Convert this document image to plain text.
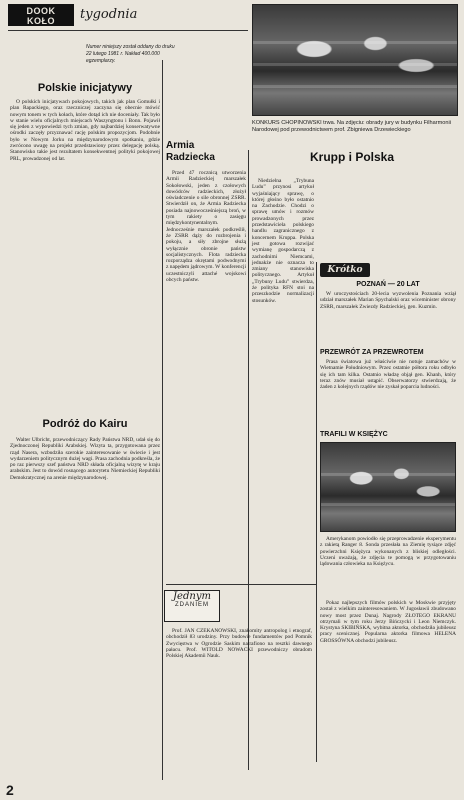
DOOK
KOŁO	tygodnia
Numer niniejszy został oddany do druku 22 lutego 1981 r. Nakład 400.000 egzemplarzy.
Polskie inicjatywy

O polskich inicjatywach pokojowych, takich jak plan Gomułki i plan Rapackiego, oraz rzeczniczej zaczyna się obecnie mówić nowym tonem w tych kołach, które dotąd ich nie doceniały. Tak było w stanie wielu oficjalnych miejscach Waszyngtonu i Bonn. Pojawił się jeden z wypowiedzi tych zmian, gdy najbardziej konserwatywne ośrodki zaczęły przyznawać rację polskim propozycjom. Podobnie było w Nowym Jorku na międzynarodowym spotkaniu, gdzie zwrócono uwagę na projekt przedstawiony przez delegację polską. Stanowisko takie jest rezultatem konsekwentnej polityki pokojowej PRL, prowadzonej od lat.

Podróż do Kairu

Walter Ulbricht, przewodniczący Rady Państwa NRD, udał się do Zjednoczonej Republiki Arabskiej. Wizyta ta, przygotowana przez rząd Nasera, wzbudziła szerokie zainteresowanie w świecie i jest wydarzeniem politycznym dużej wagi. Prasa zachodnia podkreśla, że po raz pierwszy szef państwa NRD składa oficjalną wizytę w kraju arabskim. Jest to dowód rosnącego autorytetu Niemieckiej Republiki Demokratycznej na arenie międzynarodowej.

Armia Radziecka

Przed 47 rocznicą utworzenia Armii Radzieckiej marszałek Sokołowski, jeden z czołowych dowódców radzieckich, złożył oświadczenie o sile obronnej ZSRR. Stwierdził on, że Armia Radziecka posiada najnowocześniejszą broń, w tym rakiety o zasięgu międzykontynentalnym. Jednocześnie marszałek podkreślił, że ZSRR dąży do rozbrojenia i pokoju, a siły zbrojne służą wyłącznie obronie państw socjalistycznych. Flota radziecka rozporządza okrętami podwodnymi z napędem jądrowym. W konferencji uczestniczyli attaché wojskowi obcych państw.

KONKURS CHOPINOWSKI trwa. Na zdjęciu: obrady jury w budynku Filharmonii Narodowej pod przewodnictwem prof. Zbigniewa Drzewieckiego
Krupp i Polska

Niedzielna „Trybuna Ludu” przynosi artykuł wyjaśniający sprawę, o której głośno było ostatnio na Zachodzie. Chodzi o sprawę umów i rozmów prowadzonych przez przedstawiciela polskiego handlu zagranicznego z koncernem Kruppa. Polska jest gotowa rozwijać wymianę gospodarczą z zachodnimi Niemcami, jednakże nie oznacza to zmiany stanowiska politycznego. Artykuł „Trybuny Ludu” stwierdza, że polityka RFN stoi na przeszkodzie normalizacji stosunków.

Krótko
POZNAŃ — 20 LAT

W uroczystościach 20-lecia wyzwolenia Poznania wziął udział marszałek Marian Spychalski oraz wiceminister obrony ZSRR, marszałek Zwiezdy Radzieckiej, gen. Kuzmin.

PRZEWRÓT ZA PRZEWROTEM

Prasa światowa już właściwie nie notuje zamachów w Wietnamie Południowym. Przez ostatnie półtora roku odbyło się ich tam kilka. Ostatnio władzę objął gen. Khanh, który teraz znów musiał ustąpić. Obserwatorzy stwierdzają, że żaden z kolejnych rządów nie zyskał poparcia ludności.

TRAFILI W KSIĘŻYC

Amerykanom powiodło się przeprowadzenie eksperymentu z rakietą Ranger 8. Sonda przesłała na Ziemię tysiące zdjęć powierzchni Księżyca wykonanych z bliskiej odległości. Uczeni uważają, że zdjęcia te pomogą w przygotowaniu lądowania człowieka na Księżycu.

Jednym
ZDANIEM

Prof. JAN CZEKANOWSKI, znakomity antropolog i etnograf, obchodził 83 urodziny. Przy budowie fundamentów pod Pomnik Zwycięstwa w Ogrodzie Saskim natrafiono na resztki dawnego pałacu. Prof. WITOLD NOWACKI przewodniczy obradom Polskiej Akademii Nauk.

Pokaz najlepszych filmów polskich w Moskwie przyjęty został z wielkim zainteresowaniem. W Jugosławii zbudowano nowy most przez Dunaj. Nagrody ZŁOTEGO EKRANU otrzymali w tym roku Jerzy Bińczycki i Leon Niemczyk. Krystyna SKIBIŃSKA, wybitna aktorka, obchodziła jubileusz pracy scenicznej. Popularna aktorka filmowa HELENA GROSSÓWNA obchodzi jubileusz.

2
